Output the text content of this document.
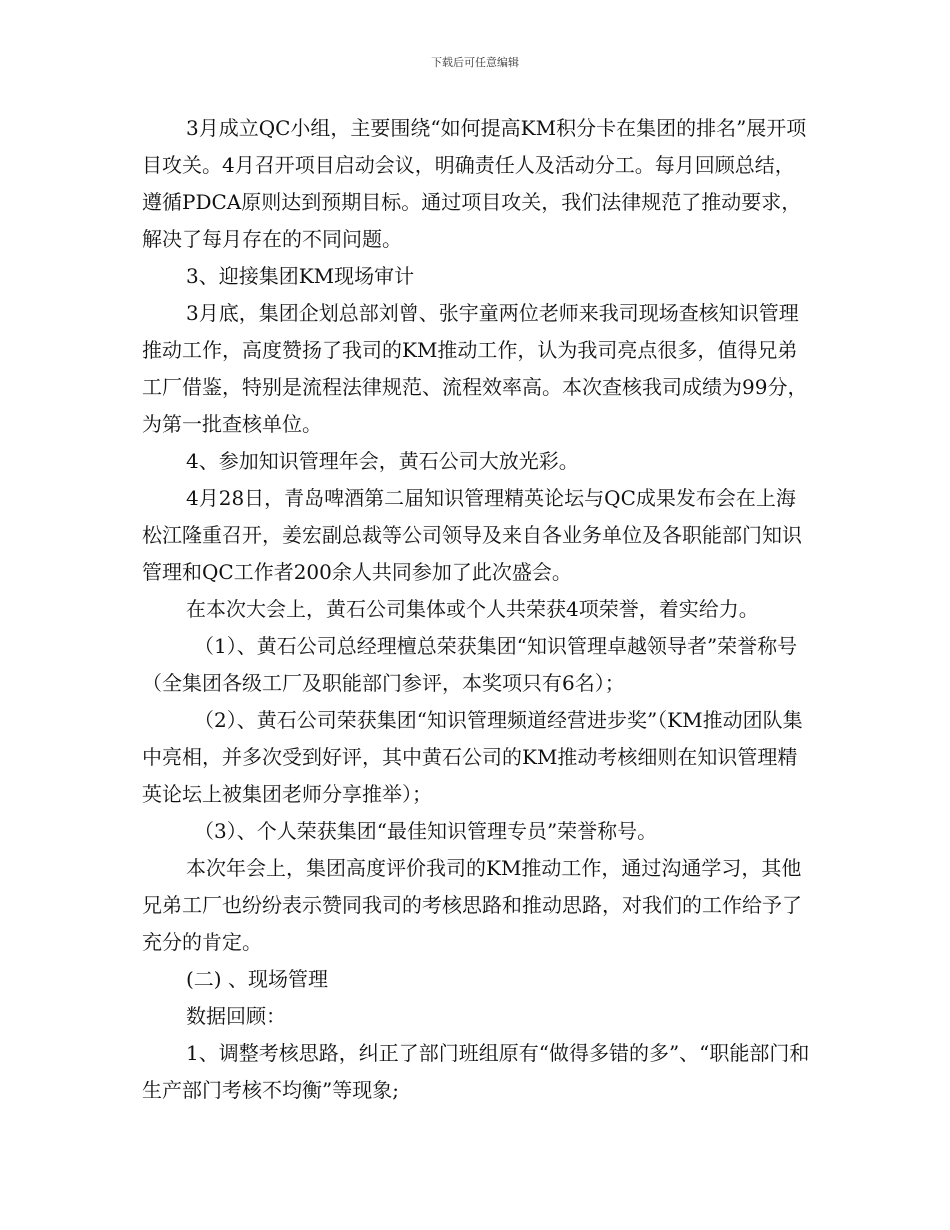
下载后可任意编辑

3月成立QC小组，主要围绕“如何提高KM积分卡在集团的排名”展开项目攻关。4月召开项目启动会议，明确责任人及活动分工。每月回顾总结，遵循PDCA原则达到预期目标。通过项目攻关，我们法律规范了推动要求，解决了每月存在的不同问题。

3、迎接集团KM现场审计

3月底，集团企划总部刘曾、张宇童两位老师来我司现场查核知识管理推动工作，高度赞扬了我司的KM推动工作，认为我司亮点很多，值得兄弟工厂借鉴，特别是流程法律规范、流程效率高。本次查核我司成绩为99分，为第一批查核单位。

4、参加知识管理年会，黄石公司大放光彩。

4月28日，青岛啤酒第二届知识管理精英论坛与QC成果发布会在上海松江隆重召开，姜宏副总裁等公司领导及来自各业务单位及各职能部门知识管理和QC工作者200余人共同参加了此次盛会。

在本次大会上，黄石公司集体或个人共荣获4项荣誉，着实给力。

（1）、黄石公司总经理檀总荣获集团“知识管理卓越领导者”荣誉称号（全集团各级工厂及职能部门参评，本奖项只有6名）；

（2）、黄石公司荣获集团“知识管理频道经营进步奖”（KM推动团队集中亮相，并多次受到好评，其中黄石公司的KM推动考核细则在知识管理精英论坛上被集团老师分享推举）；

（3）、个人荣获集团“最佳知识管理专员”荣誉称号。

本次年会上，集团高度评价我司的KM推动工作，通过沟通学习，其他兄弟工厂也纷纷表示赞同我司的考核思路和推动思路，对我们的工作给予了充分的肯定。

(二) 、现场管理

数据回顾：

1、调整考核思路，纠正了部门班组原有“做得多错的多”、“职能部门和生产部门考核不均衡”等现象;
